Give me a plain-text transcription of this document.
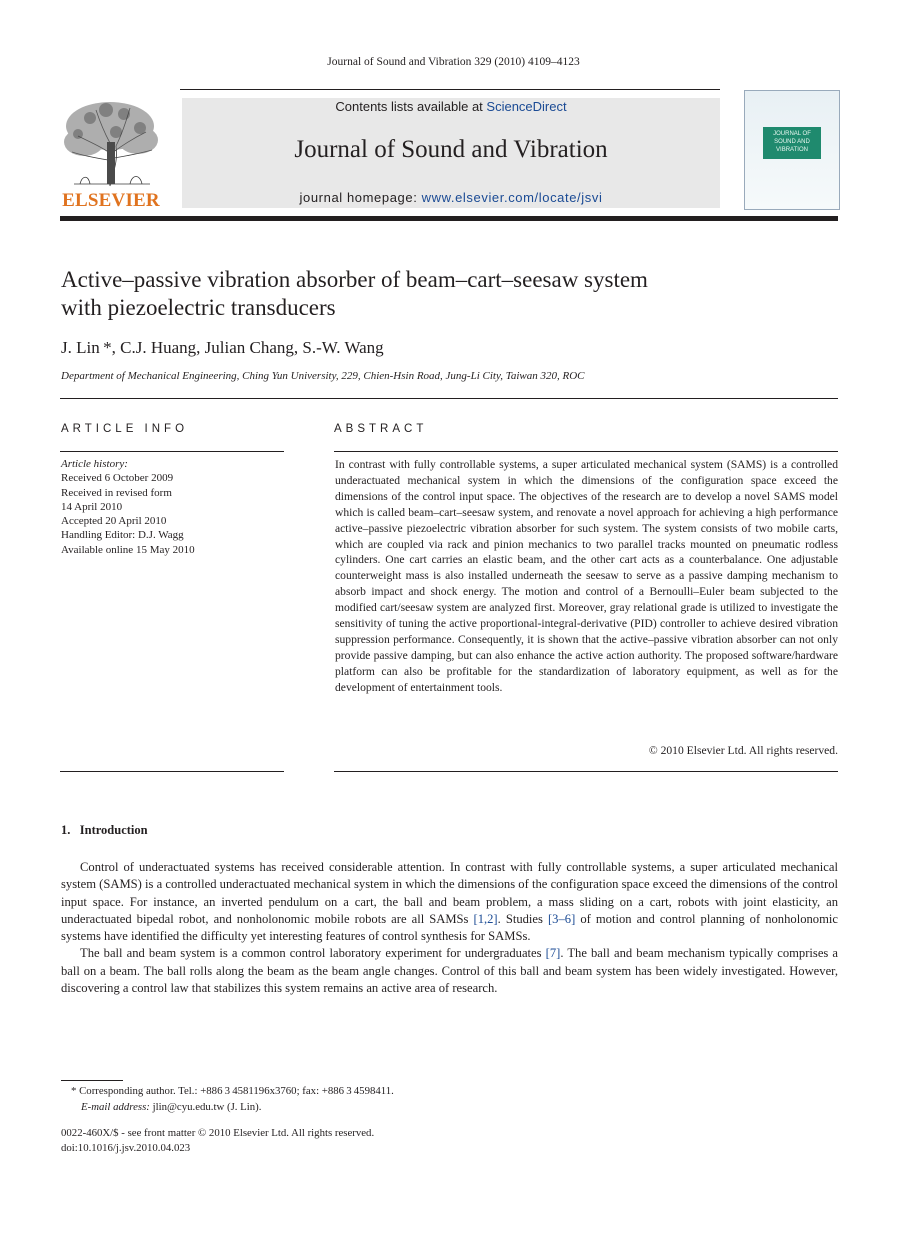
Journal of Sound and Vibration 329 (2010) 4109–4123
ELSEVIER
Contents lists available at ScienceDirect
Journal of Sound and Vibration
journal homepage: www.elsevier.com/locate/jsvi
JOURNAL OF SOUND AND VIBRATION
Active–passive vibration absorber of beam–cart–seesaw system
with piezoelectric transducers
J. Lin *, C.J. Huang, Julian Chang, S.-W. Wang
Department of Mechanical Engineering, Ching Yun University, 229, Chien-Hsin Road, Jung-Li City, Taiwan 320, ROC
ARTICLE INFO	ABSTRACT
Article history:
Received 6 October 2009
Received in revised form
14 April 2010
Accepted 20 April 2010
Handling Editor: D.J. Wagg
Available online 15 May 2010
In contrast with fully controllable systems, a super articulated mechanical system (SAMS) is a controlled underactuated mechanical system in which the dimensions of the configuration space exceed the dimensions of the control input space. The objectives of the research are to develop a novel SAMS model which is called beam–cart–seesaw system, and renovate a novel approach for achieving a high performance active–passive piezoelectric vibration absorber for such system. The system consists of two mobile carts, which are coupled via rack and pinion mechanics to two parallel tracks mounted on pneumatic rodless cylinders. One cart carries an elastic beam, and the other cart acts as a counterbalance. One adjustable counterweight mass is also installed underneath the seesaw to serve as a passive damping mechanism to absorb impact and shock energy. The motion and control of a Bernoulli–Euler beam subjected to the modified cart/seesaw system are analyzed first. Moreover, gray relational grade is utilized to investigate the sensitivity of tuning the active proportional-integral-derivative (PID) controller to achieve desired vibration suppression performance. Consequently, it is shown that the active–passive vibration absorber can not only provide passive damping, but can also enhance the active action authority. The proposed software/hardware platform can also be profitable for the standardization of laboratory equipment, as well as for the development of entertainment tools.
© 2010 Elsevier Ltd. All rights reserved.
1.  Introduction

Control of underactuated systems has received considerable attention. In contrast with fully controllable systems, a super articulated mechanical system (SAMS) is a controlled underactuated mechanical system in which the dimensions of the configuration space exceed the dimensions of the control input space. For instance, an inverted pendulum on a cart, the ball and beam problem, a mass sliding on a cart, robots with joint elasticity, an underactuated bipedal robot, and nonholonomic mobile robots are all SAMSs [1,2]. Studies [3–6] of motion and control planning of nonholonomic systems have identified the difficulty yet interesting features of control synthesis for SAMSs.

The ball and beam system is a common control laboratory experiment for undergraduates [7]. The ball and beam mechanism typically comprises a ball on a beam. The ball rolls along the beam as the beam angle changes. Control of this ball and beam system has been widely investigated. However, discovering a control law that stabilizes this system remains an active area of research.

* Corresponding author. Tel.: +886 3 4581196x3760; fax: +886 3 4598411.
E-mail address: jlin@cyu.edu.tw (J. Lin).
0022-460X/$ - see front matter © 2010 Elsevier Ltd. All rights reserved.
doi:10.1016/j.jsv.2010.04.023
